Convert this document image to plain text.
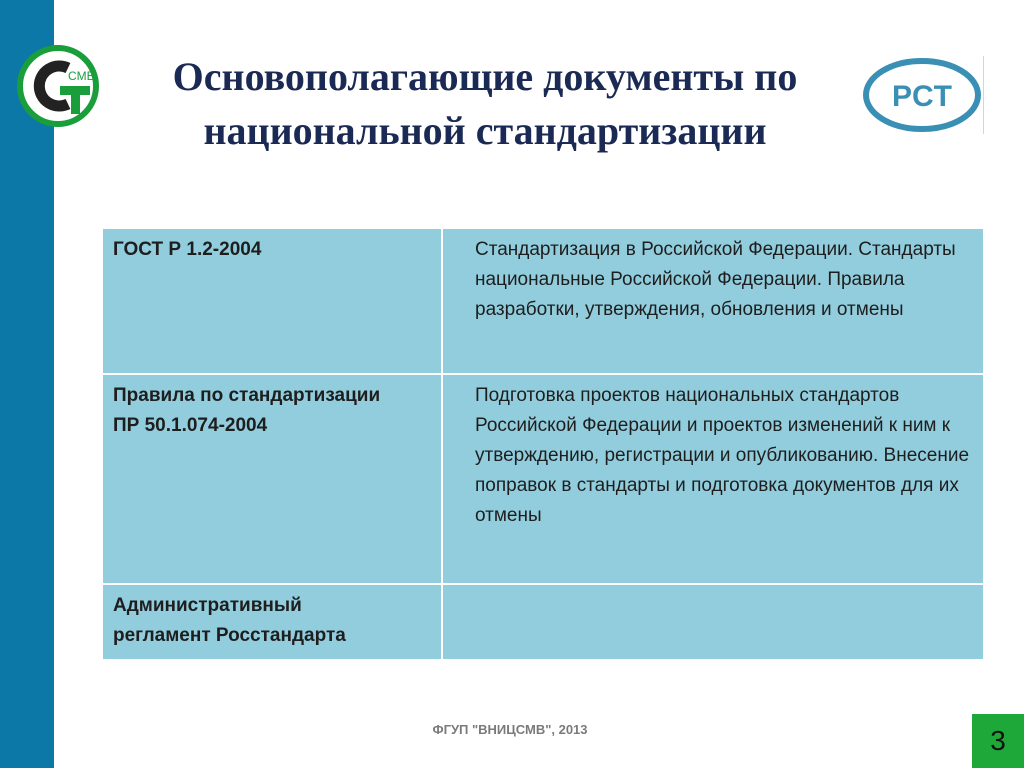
CMB	Основополагающие документы по
национальной стандартизации
PCT
ГОСТ Р 1.2-2004	Стандартизация в Российской Федерации. Стандарты национальные Российской Федерации. Правила разработки, утверждения, обновления и отмены

Правила по стандартизации
ПР 50.1.074-2004	Подготовка проектов национальных стандартов Российской Федерации и проектов изменений к ним к утверждению, регистрации и опубликованию. Внесение поправок в стандарты и подготовка документов для их отмены

Административный
регламент Росстандарта	

ФГУП "ВНИЦСМВ", 2013	3
